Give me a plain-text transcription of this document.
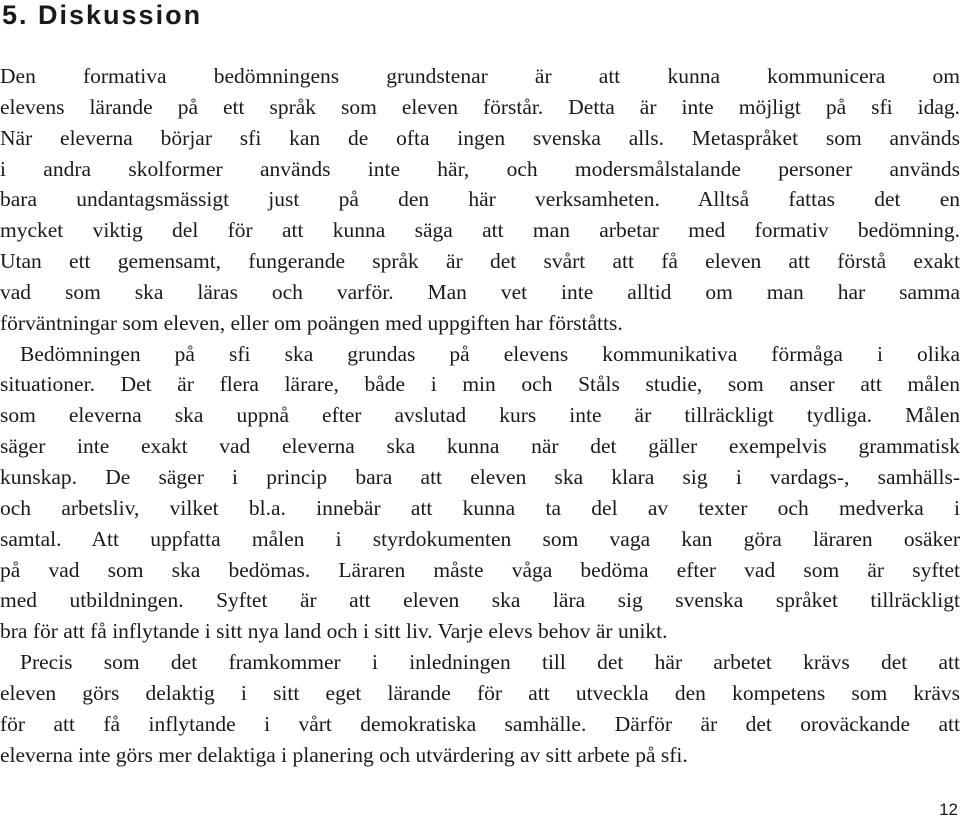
5. Diskussion
Den formativa bedömningens grundstenar är att kunna kommunicera om
elevens lärande på ett språk som eleven förstår. Detta är inte möjligt på sfi idag.
När eleverna börjar sfi kan de ofta ingen svenska alls. Metaspråket som används
i andra skolformer används inte här, och modersmålstalande personer används
bara undantagsmässigt just på den här verksamheten. Alltså fattas det en
mycket viktig del för att kunna säga att man arbetar med formativ bedömning.
Utan ett gemensamt, fungerande språk är det svårt att få eleven att förstå exakt
vad som ska läras och varför. Man vet inte alltid om man har samma
förväntningar som eleven, eller om poängen med uppgiften har förståtts.
Bedömningen på sfi ska grundas på elevens kommunikativa förmåga i olika
situationer. Det är flera lärare, både i min och Ståls studie, som anser att målen
som eleverna ska uppnå efter avslutad kurs inte är tillräckligt tydliga. Målen
säger inte exakt vad eleverna ska kunna när det gäller exempelvis grammatisk
kunskap. De säger i princip bara att eleven ska klara sig i vardags-, samhälls-
och arbetsliv, vilket bl.a. innebär att kunna ta del av texter och medverka i
samtal. Att uppfatta målen i styrdokumenten som vaga kan göra läraren osäker
på vad som ska bedömas. Läraren måste våga bedöma efter vad som är syftet
med utbildningen. Syftet är att eleven ska lära sig svenska språket tillräckligt
bra för att få inflytande i sitt nya land och i sitt liv. Varje elevs behov är unikt.
Precis som det framkommer i inledningen till det här arbetet krävs det att
eleven görs delaktig i sitt eget lärande för att utveckla den kompetens som krävs
för att få inflytande i vårt demokratiska samhälle. Därför är det oroväckande att
eleverna inte görs mer delaktiga i planering och utvärdering av sitt arbete på sfi.
12
